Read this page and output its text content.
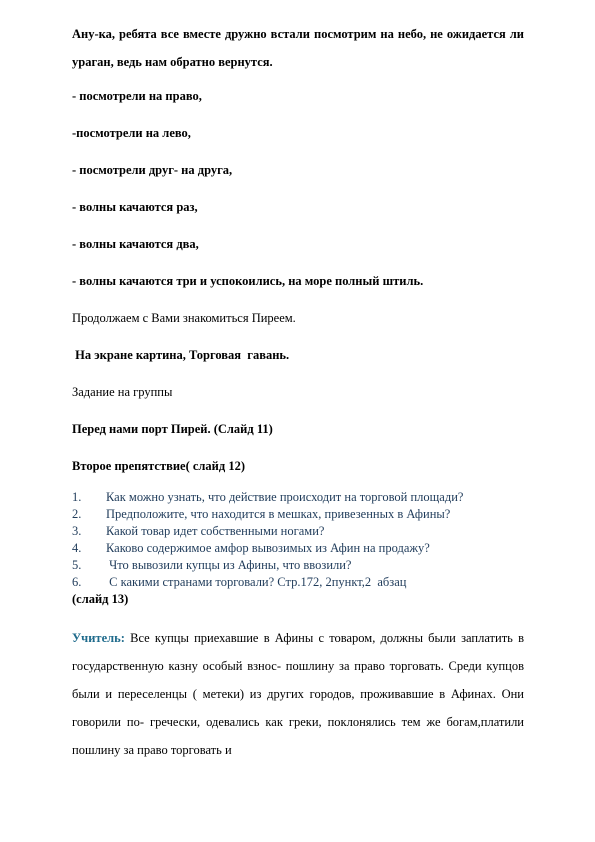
Ану-ка, ребята все вместе дружно встали посмотрим на небо, не ожидается ли ураган, ведь нам обратно вернутся.

- посмотрели на право,

-посмотрели на лево,

- посмотрели друг- на друга,

- волны качаются раз,

- волны качаются два,

- волны качаются три и успокоились, на море полный штиль.

Продолжаем с Вами знакомиться Пиреем.

На экране картина, Торговая  гавань.

Задание на группы

Перед нами порт Пирей. (Слайд 11)

Второе препятствие( слайд 12)

1.	Как можно узнать, что действие происходит на торговой площади?
2.	Предположите, что находится в мешках, привезенных в Афины?
3.	Какой товар идет собственными ногами?
4.	Каково содержимое амфор вывозимых из Афин на продажу?
5.	Что вывозили купцы из Афины, что ввозили?
6.	С какими странами торговали? Стр.172, 2пункт,2  абзац

(слайд 13)

Учитель: Все купцы приехавшие в Афины с товаром, должны были заплатить в государственную казну особый взнос- пошлину за право торговать. Среди купцов были и переселенцы ( метеки) из других городов, проживавшие в Афинах. Они говорили по- гречески, одевались как греки, поклонялись тем же богам,платили пошлину за право торговать и
